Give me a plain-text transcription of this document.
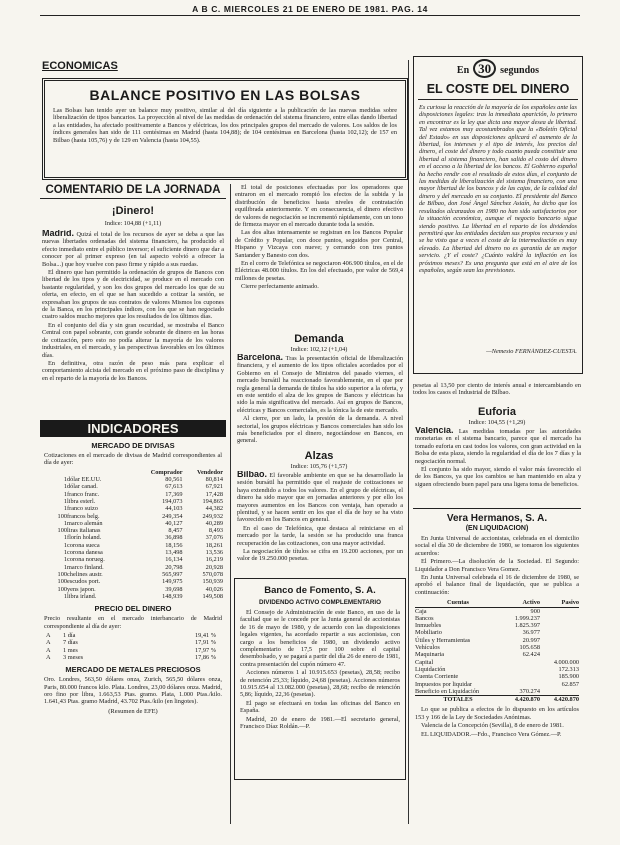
A B C. MIERCOLES 21 DE ENERO DE 1981. PAG. 14
ECONOMICAS
BALANCE POSITIVO EN LAS BOLSAS
Las Bolsas han tenido ayer un balance muy positivo, similar al del día siguiente a la publicación de las nuevas medidas sobre liberalización de tipos bancarios. La proyección al nivel de las medidas de ordenación del sistema financiero, entre ellas dando libertad a las entidades, ha afectado positivamente a Bancos y eléctricas, los dos principales grupos del mercado de valores. Los saldos de los índices generales han sido de 111 centésimas en Madrid (hasta 104,88); de 104 centésimas en Barcelona (hasta 102,12); de 157 en Bilbao (hasta 105,76) y de 129 en Valencia (hasta 104,55).
COMENTARIO DE LA JORNADA
¡Dinero!
Indice: 104,88 (+1,11)

Madrid. Quizá el total de los recursos de ayer se deba a que las nuevas libertades ordenadas del sistema financiero, ha producido el efecto inmediato entre el público inversor; el suficiente dinero que dar a conocer por al primer expreso (en tal aspecto volvió a ofrecer la Bolsa...) que hoy vuelve con paso firme y rápido a sus ruedas.

El dinero que han permitido la ordenación de grupos de Bancos con libertad de los tipos y de electricidad, se produce en el mercado con bastante regularidad, y son los dos grupos del mercado los que de su oferta, en efecto, en el que se han sucedido a cotizar la sesión, se expresaban los grupos de sus contratos de valores Mismos los cupones de la Banca, en los principales índices, con los que se han negociado cuatro saldos mucho mejores que los resultados de los últimos días.

En el conjunto del día y sin gran oscuridad, se mostraba el Banco Central con papel sobrante, con grande sobrante de dinero en las horas de cotización, pero esto no podía alterar la mayoría de los valores industriales, en el mercado, y las perspectivas favorables en los últimos días.

En definitiva, otra razón de peso más para explicar el comportamiento alcista del mercado en el próximo paso de disciplina y en el reparto de la mayoría de los Bancos.

INDICADORES
MERCADO DE DIVISAS
Cotizaciones en el mercado de divisas de Madrid correspondientes al día de ayer:
		Comprador	Vendedor
1	dólar EE.UU.	80,561	80,814
1	dólar canad.	67,613	67,921
1	franco franc.	17,369	17,428
1	libra esterl.	194,073	194,865
1	franco suizo	44,103	44,382
100	francos belg.	249,354	249,932
1	marco alemán	40,127	40,289
100	liras italianas	8,457	8,493
1	florín holand.	36,898	37,076
1	corona sueca	18,156	18,261
1	corona danesa	13,498	13,536
1	corona norueg.	16,134	16,219
1	marco finland.	20,798	20,928
100	chelines austr.	565,997	570,078
100	escudos port.	149,975	150,939
100	yens japon.	39,698	40,026
1	libra irland.	148,939	149,508
PRECIO DEL DINERO
Precio resultante en el mercado interbancario de Madrid correspondiente al día de ayer:
A	1 día	19,41 %
A	7 días	17,91 %
A	1 mes	17,97 %
A	3 meses	17,86 %
MERCADO DE METALES PRECIOSOS
Oro. Londres, 563,50 dólares onza, Zurich, 565,50 dólares onza, Paris, 80.000 francos kilo. Plata. Londres, 23,00 dólares onza. Madrid, oro fino por libra, 1.663,53 Ptas. gramo. Plata, 1.000 Ptas./kilo. 1.641,43 Ptas. gramo Madrid, 43.702 Ptas./kilo (en lingotes).
(Resumen de EFE)

El total de posiciones efectuadas por los operadores que entraron en el mercado rompió los efectos de la subida y la distribución de beneficios hasta niveles de contratación equilibrada anteriormente. Y en consecuencia, el dinero efectivo de valores de negociación se incrementó rápidamente, con un tono de firmeza mayor en el mercado durante toda la sesión.

Las dos altas intensamente se registran en los Bancos Popular de Crédito y Popular, con doce puntos, seguidos por Central, Hispano y Vizcaya con nueve; y cerrando con tres puntos Santander y Banesto con dos.

En el corro de Telefónica se negociaron 406.900 títulos, en el de Eléctricas 48.000 títulos. En los del efectuado, por valor de 569,4 millones de pesetas.

Cierre perfectamente animado.

Demanda
Indice: 102,12 (+1,04)

Barcelona. Tras la presentación oficial de liberalización financiera, y el aumento de los tipos oficiales acordados por el Gobierno en el Consejo de Ministros del pasado viernes, el mercado bursátil ha reaccionado favorablemente, en el que por regla general la demanda de títulos ha sido superior a la oferta, y en este sentido el alza de los grupos de Bancos y eléctricas ha sido la más significativa del mercado. Así en grupos de Bancos, eléctricas y Bancos comerciales, es la tónica la de este mercado.

Al cierre, por un lado, la presión de la demanda. A nivel sectorial, los grupos eléctricas y Bancos comerciales han sido los más beneficiados por el dinero, negociándose en Bancos, en general.

Alzas
Indice: 105,76 (+1,57)

Bilbao. El favorable ambiente en que se ha desarrollado la sesión bursátil ha permitido que el reajuste de cotizaciones se haya extendido a todos los valores. En el grupo de eléctricas, el dinero ha sido mayor que en jornadas anteriores y por ello los mayores aumentos en los Bancos con ventaja, han operado a plenitud, y se hacen sentir en los que el día de hoy se ha visto favorecido en los Bancos en general.

En el caso de Telefónica, que destaca al reiniciarse en el mercado por la tarde, la sesión se ha producido una franca recuperación de las cotizaciones, con una mayor actividad.

La negociación de títulos se cifra en 19.200 acciones, por un valor de 19.250.000 pesetas.

Banco de Fomento, S. A.
DIVIDENDO ACTIVO COMPLEMENTARIO

El Consejo de Administración de este Banco, en uso de la facultad que se le concede por la Junta general de accionistas de 16 de mayo de 1980, y de acuerdo con las disposiciones legales vigentes, ha acordado repartir a sus accionistas, con cargo a los beneficios de 1980, un dividendo activo complementario de 17,5 por 100 sobre el capital desembolsado, y se pagará a partir del día 26 de enero de 1981, contra presentación del cupón número 47.

Acciones números 1 al 10.915.653 (pesetas), 28,58; recibo de retención 25,33; líquido, 24,68 (pesetas). Acciones números 10.915.654 al 13.082.000 (pesetas), 28,68; recibo de retención 5,86; líquido, 22,36 (pesetas).

El pago se efectuará en todas las oficinas del Banco en España.

Madrid, 20 de enero de 1981.—El secretario general, Francisco Díaz Roldán.—P.

En 30 segundos
EL COSTE DEL DINERO
Es curiosa la reacción de la mayoría de los españoles ante las disposiciones legales: tras la inmediata aparición, lo primero en encontrar es la ley que dicta una mayor desea de libertad. Tal vez estamos muy acostumbrados que la «Boletín Oficial del Estado» en sus disposiciones aplicará el aumento de la libertad, los intereses y el tipo de interés, los precios del dinero, el coste del dinero y todo cuanto pueda constituir una libertad al sistema financiero, han salido el costo del dinero en el acceso a la libertad de los bancos. El Gobierno español ha hecho rendir con el resultado de estos días, el conjunto de las medidas de liberalización del sistema financiero, con una mayor libertad de los bancos y de las cajas, de la calidad del dinero y del mercado en su conjunto. El presidente del Banco de Bilbao, don José Ángel Sánchez Asiaín, ha dicho que los resultados alcanzados en 1980 no han sido satisfactorios por la situación económica, aunque el negocio bancario sigue siendo positivo. La libertad en el reparto de los dividendos permitirá que las entidades decidan sus propios recursos y así se ha visto que a veces el coste de la intermediación es muy elevado. La libertad del dinero no es garantía de un mejor servicio. ¿Y el coste? ¿Cuánto valdrá la inflación en los próximos meses? Es una pregunta que está en el aire de los españoles, según sean las previsiones.
—Nemesio FERNÁNDEZ-CUESTA.
pesetas al 13,50 por ciento de interés anual e intercambiando en todos los casos el Industrial de Bilbao.
Euforia
Indice: 104,55 (+1,29)

Valencia. Las medidas tomadas por las autoridades monetarias en el sistema bancario, parece que el mercado ha tomado euforia en casi todos los valores, con gran actividad en la Bolsa de esta plaza, siendo la regularidad el día de los 7 días y la negociación normal.

El conjunto ha sido mayor, siendo el valor más favorecido el de los Bancos, ya que los cambios se han mantenido en alza y siguen ofreciendo buen papel para una ligera toma de beneficios.

Vera Hermanos, S. A.
(EN LIQUIDACION)

En Junta Universal de accionistas, celebrada en el domicilio social el día 30 de diciembre de 1980, se tomaron los siguientes acuerdos:

El Primero.—La disolución de la Sociedad. El Segundo: Liquidador a Don Francisco Vera Gomez.

En Junta Universal celebrada el 16 de diciembre de 1980, se aprobó el balance final de liquidación, que se publica a continuación:

Cuentas	Activo	Pasivo
Caja	900	
Bancos	1.999.237	
Inmuebles	1.825.397	
Mobiliario	36.977	
Útiles y Herramientas	20.997	
Vehículos	105.658	
Maquinaria	62.424	
Capital		4.000.000
Liquidación		172.313
Cuenta Corriente		185.900
Impuestos por liquidar		62.857
Beneficio en Liquidación	370.274	
TOTALES	4.420.870	4.420.870

Lo que se publica a efectos de lo dispuesto en los artículos 153 y 166 de la Ley de Sociedades Anónimas.

Valencia de la Concepción (Sevilla), 8 de enero de 1981.

EL LIQUIDADOR.—Fdo., Francisco Vera Gómez.—P.
